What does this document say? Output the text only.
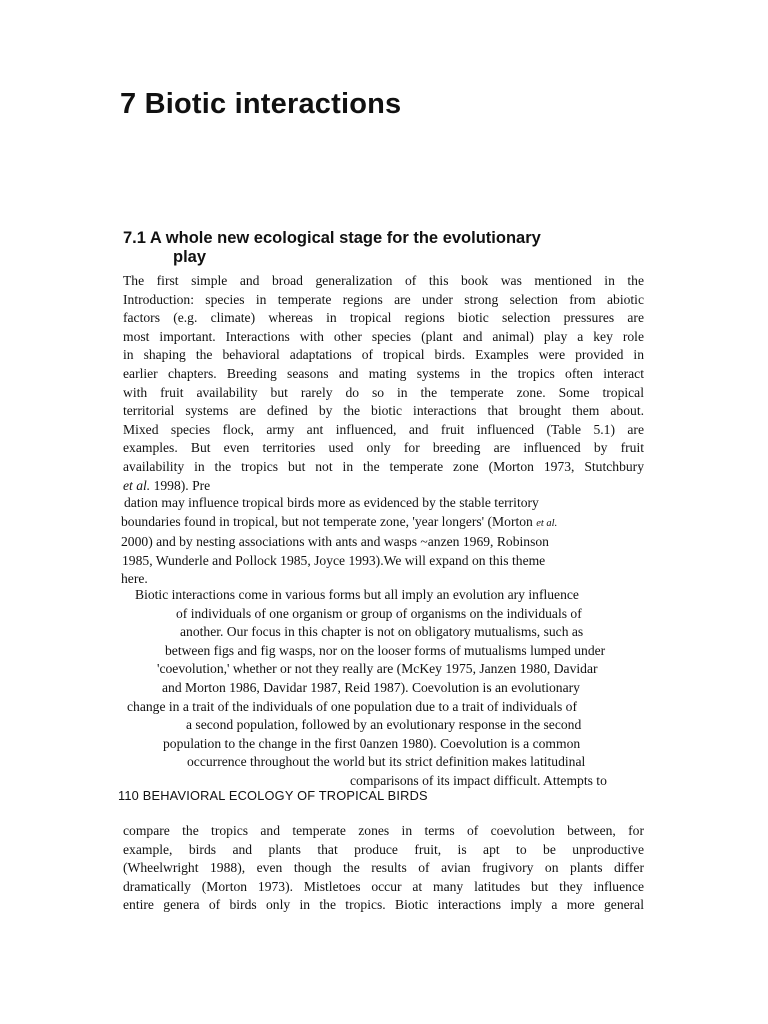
7 Biotic interactions
7.1 A whole new ecological stage for the evolutionary
play
The first simple and broad generalization of this book was mentioned in the
Introduction: species in temperate regions are under strong selection from abiotic
factors (e.g. climate) whereas in tropical regions biotic selection pressures are
most important. Interactions with other species (plant and animal) play a key role
in shaping the behavioral adaptations of tropical birds. Examples were provided in
earlier chapters. Breeding seasons and mating systems in the tropics often interact
with fruit availability but rarely do so in the temperate zone. Some tropical
territorial systems are defined by the biotic interactions that brought them about.
Mixed species flock, army ant influenced, and fruit influenced (Table 5.1) are
examples. But even territories used only for breeding are influenced by fruit
availability in the tropics but not in the temperate zone (Morton 1973, Stutchbury
et al. 1998). Pre
dation may influence tropical birds more as evidenced by the stable territory
boundaries found in tropical, but not temperate zone, 'year longers' (Morton et al.
2000) and by nesting associations with ants and wasps ~anzen 1969, Robinson
1985, Wunderle and Pollock 1985, Joyce 1993).We will expand on this theme
here.
Biotic interactions come in various forms but all imply an evolution ary influence
of individuals of one organism or group of organisms on the individuals of
another. Our focus in this chapter is not on obligatory mutualisms, such as
between figs and fig wasps, nor on the looser forms of mutualisms lumped under
'coevolution,' whether or not they really are (McKey 1975, Janzen 1980, Davidar
and Morton 1986, Davidar 1987, Reid 1987). Coevolution is an evolutionary
change in a trait of the individuals of one population due to a trait of individuals of
a second population, followed by an evolutionary response in the second
population to the change in the first 0anzen 1980). Coevolution is a common
occurrence throughout the world but its strict definition makes latitudinal
comparisons of its impact difficult. Attempts to

110 BEHAVIORAL ECOLOGY OF TROPICAL BIRDS

compare the tropics and temperate zones in terms of coevolution between, for
example, birds and plants that produce fruit, is apt to be unproductive
(Wheelwright 1988), even though the results of avian frugivory on plants differ
dramatically (Morton 1973). Mistletoes occur at many latitudes but they influence
entire genera of birds only in the tropics. Biotic interactions imply a more general
